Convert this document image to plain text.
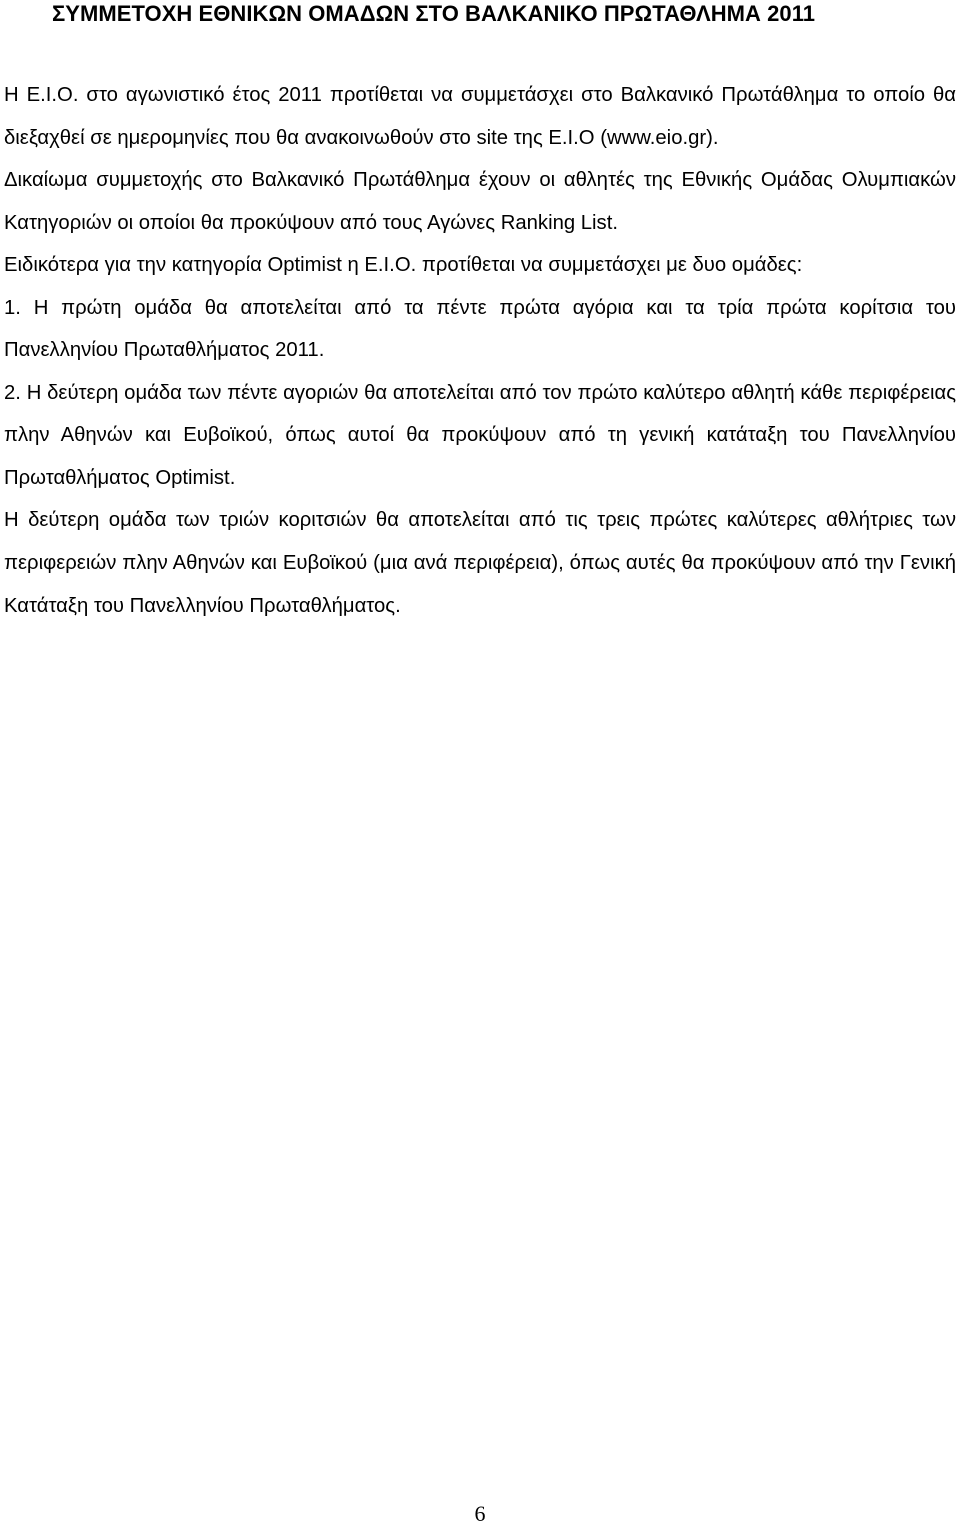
ΣΥΜΜΕΤΟΧΗ ΕΘΝΙΚΩΝ ΟΜΑΔΩΝ ΣΤΟ ΒΑΛΚΑΝΙΚΟ ΠΡΩΤΑΘΛΗΜΑ 2011

Η Ε.Ι.Ο. στο αγωνιστικό έτος 2011 προτίθεται να συμμετάσχει στο Βαλκανικό Πρωτάθλημα το οποίο θα διεξαχθεί σε ημερομηνίες που θα ανακοινωθούν στο site της Ε.Ι.Ο (www.eio.gr).

Δικαίωμα συμμετοχής στο Βαλκανικό Πρωτάθλημα έχουν οι αθλητές της Εθνικής Ομάδας Ολυμπιακών Κατηγοριών οι οποίοι θα προκύψουν από τους Αγώνες Ranking List.

Ειδικότερα για την κατηγορία Optimist η Ε.Ι.Ο. προτίθεται να συμμετάσχει με δυο ομάδες:

1. Η πρώτη ομάδα θα αποτελείται από τα πέντε πρώτα αγόρια και τα τρία πρώτα κορίτσια του Πανελληνίου Πρωταθλήματος 2011.

2. Η δεύτερη ομάδα των πέντε αγοριών θα αποτελείται από τον πρώτο καλύτερο αθλητή κάθε περιφέρειας πλην Αθηνών και Ευβοϊκού, όπως αυτοί θα προκύψουν από τη γενική κατάταξη του Πανελληνίου Πρωταθλήματος Optimist.

Η δεύτερη ομάδα των τριών κοριτσιών θα αποτελείται από τις τρεις πρώτες καλύτερες αθλήτριες των περιφερειών πλην Αθηνών και Ευβοϊκού (μια ανά περιφέρεια), όπως αυτές θα προκύψουν από την Γενική Κατάταξη του Πανελληνίου Πρωταθλήματος.

6
